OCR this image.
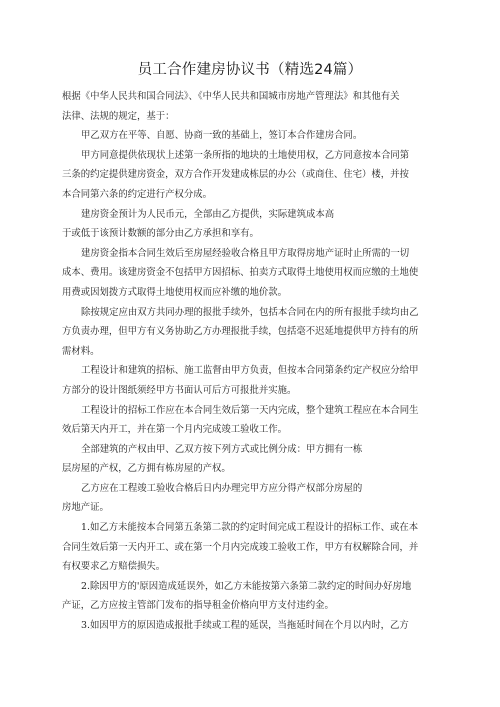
员工合作建房协议书（精选24篇）
根据《中华人民共和国合同法》、《中华人民共和国城市房地产管理法》和其他有关
法律、法规的规定，基于：
甲乙双方在平等、自愿、协商一致的基础上，签订本合作建房合同。
甲方同意提供依现状上述第一条所指的地块的土地使用权，乙方同意按本合同第
三条的约定提供建房资金，双方合作开发建成栋层的办公（或商住、住宅）楼，并按
本合同第六条的约定进行产权分成。
建房资金预计为人民币元，全部由乙方提供，实际建筑成本高
于或低于该预计数额的部分由乙方承担和享有。
建房资金指本合同生效后至房屋经验收合格且甲方取得房地产证时止所需的一切
成本、费用。该建房资金不包括甲方因招标、拍卖方式取得土地使用权而应缴的土地使
用费或因划拨方式取得土地使用权而应补缴的地价款。
除按规定应由双方共同办理的报批手续外，包括本合同在内的所有报批手续均由乙
方负责办理，但甲方有义务协助乙方办理报批手续，包括毫不迟延地提供甲方持有的所
需材料。
工程设计和建筑的招标、施工监督由甲方负责，但按本合同第条约定产权应分给甲
方部分的设计图纸须经甲方书面认可后方可报批并实施。
工程设计的招标工作应在本合同生效后第一天内完成，整个建筑工程应在本合同生
效后第天内开工，并在第一个月内完成竣工验收工作。
全部建筑的产权由甲、乙双方按下列方式或比例分成：甲方拥有一栋
层房屋的产权，乙方拥有栋房屋的产权。
乙方应在工程竣工验收合格后日内办理完甲方应分得产权部分房屋的
房地产证。
1.如乙方未能按本合同第五条第二款的约定时间完成工程设计的招标工作、或在本
合同生效后第一天内开工、或在第一个月内完成竣工验收工作，甲方有权解除合同，并
有权要求乙方赔偿损失。
2.除因甲方的'原因造成延误外，如乙方未能按第六条第二款约定的时间办好房地
产证，乙方应按主管部门发布的指导租金价格向甲方支付违约金。
3.如因甲方的原因造成报批手续或工程的延误，当拖延时间在个月以内时，乙方
